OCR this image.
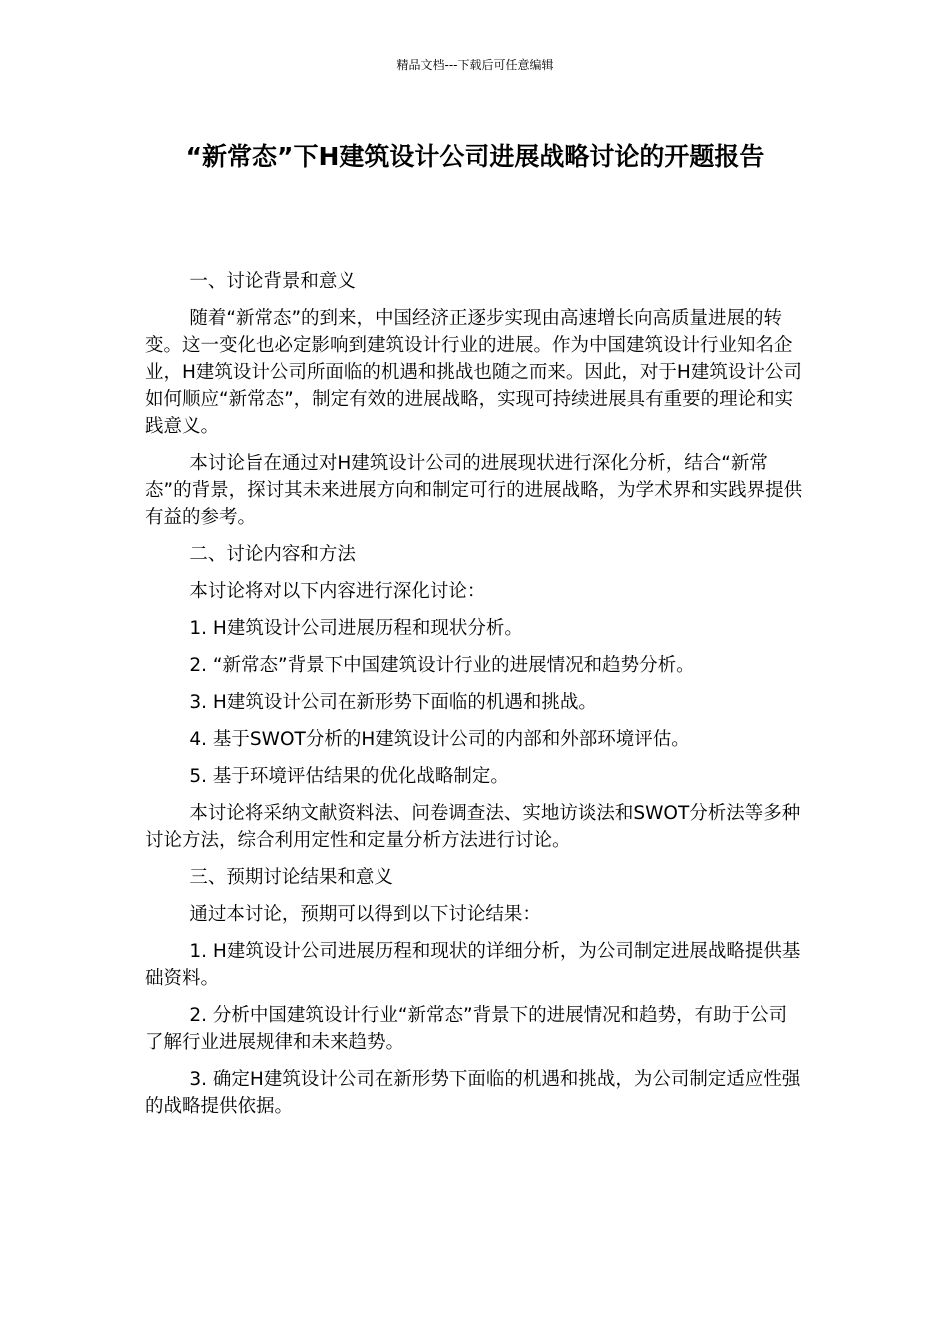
精品文档---下载后可任意编辑
“新常态”下H建筑设计公司进展战略讨论的开题报告

一、讨论背景和意义

随着“新常态”的到来，中国经济正逐步实现由高速增长向高质量进展的转变。这一变化也必定影响到建筑设计行业的进展。作为中国建筑设计行业知名企业，H建筑设计公司所面临的机遇和挑战也随之而来。因此，对于H建筑设计公司如何顺应“新常态”，制定有效的进展战略，实现可持续进展具有重要的理论和实践意义。

本讨论旨在通过对H建筑设计公司的进展现状进行深化分析，结合“新常态”的背景，探讨其未来进展方向和制定可行的进展战略，为学术界和实践界提供有益的参考。

二、讨论内容和方法

本讨论将对以下内容进行深化讨论：

1. H建筑设计公司进展历程和现状分析。

2. “新常态”背景下中国建筑设计行业的进展情况和趋势分析。

3. H建筑设计公司在新形势下面临的机遇和挑战。

4. 基于SWOT分析的H建筑设计公司的内部和外部环境评估。

5. 基于环境评估结果的优化战略制定。

本讨论将采纳文献资料法、问卷调查法、实地访谈法和SWOT分析法等多种讨论方法，综合利用定性和定量分析方法进行讨论。

三、预期讨论结果和意义

通过本讨论，预期可以得到以下讨论结果：

1. H建筑设计公司进展历程和现状的详细分析，为公司制定进展战略提供基础资料。

2. 分析中国建筑设计行业“新常态”背景下的进展情况和趋势，有助于公司了解行业进展规律和未来趋势。

3. 确定H建筑设计公司在新形势下面临的机遇和挑战，为公司制定适应性强的战略提供依据。
